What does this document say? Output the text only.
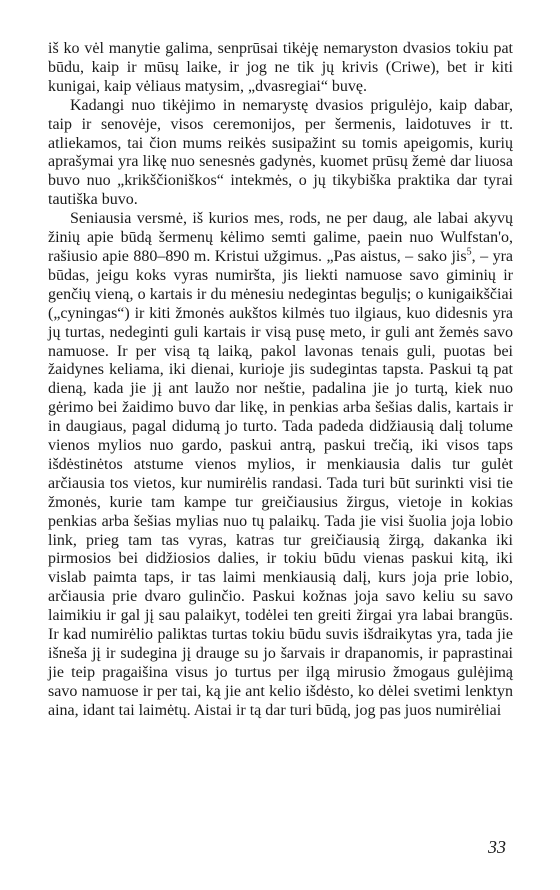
iš ko vėl manytie galima, senprūsai tikėję nemaryston dvasios tokiu pat būdu, kaip ir mūsų laike, ir jog ne tik jų krivis (Criwe), bet ir kiti kunigai, kaip vėliaus matysim, „dvasregiai“ buvę.

Kadangi nuo tikėjimo in nemarystę dvasios prigulėjo, kaip dabar, taip ir senovėje, visos ceremonijos, per šermenis, laidotuves ir tt. atliekamos, tai čion mums reikės susipažint su tomis apeigomis, kurių aprašymai yra likę nuo senesnės gadynės, kuomet prūsų žemė dar liuosa buvo nuo „krikščioniškos“ intekmės, o jų tikybiška praktika dar tyrai tautiška buvo.

Seniausia versmė, iš kurios mes, rods, ne per daug, ale labai akyvų žinių apie būdą šermenų kėlimo semti galime, paein nuo Wulfstan'o, rašiusio apie 880–890 m. Kristui užgimus. „Pas aistus, – sako jis$^5$, – yra būdas, jeigu koks vyras numiršta, jis liekti namuose savo giminių ir genčių vieną, o kartais ir du mėnesiu nedegintas begulįs; o kunigaikščiai („cyningas“) ir kiti žmonės aukštos kilmės tuo ilgiaus, kuo didesnis yra jų turtas, nedeginti guli kartais ir visą pusę meto, ir guli ant žemės savo namuose. Ir per visą tą laiką, pakol lavonas tenais guli, puotas bei žaidynes keliama, iki dienai, kurioje jis sudegintas tapsta. Paskui tą pat dieną, kada jie jį ant laužo nor neštie, padalina jie jo turtą, kiek nuo gėrimo bei žaidimo buvo dar likę, in penkias arba šešias dalis, kartais ir in daugiaus, pagal didumą jo turto. Tada padeda didžiausią dalį tolume vienos mylios nuo gardo, paskui antrą, paskui trečią, iki visos taps išdėstinėtos atstume vienos mylios, ir menkiausia dalis tur gulėt arčiausia tos vietos, kur numirėlis randasi. Tada turi būt surinkti visi tie žmonės, kurie tam kampe tur greičiausius žirgus, vietoje in kokias penkias arba šešias mylias nuo tų palaikų. Tada jie visi šuolia joja lobio link, prieg tam tas vyras, katras tur greičiausią žirgą, dakanka iki pirmosios bei didžiosios dalies, ir tokiu būdu vienas paskui kitą, iki vislab paimta taps, ir tas laimi menkiausią dalį, kurs joja prie lobio, arčiausia prie dvaro gulinčio. Paskui kožnas joja savo keliu su savo laimikiu ir gal jį sau palaikyt, todėlei ten greiti žirgai yra labai brangūs. Ir kad numirėlio paliktas turtas tokiu būdu suvis išdraikytas yra, tada jie išneša jį ir sudegina jį drauge su jo šarvais ir drapanomis, ir paprastinai jie teip pragaišina visus jo turtus per ilgą mirusio žmogaus gulėjimą savo namuose ir per tai, ką jie ant kelio išdėsto, ko dėlei svetimi lenktyn aina, idant tai laimėtų. Aistai ir tą dar turi būdą, jog pas juos numirėliai

33
